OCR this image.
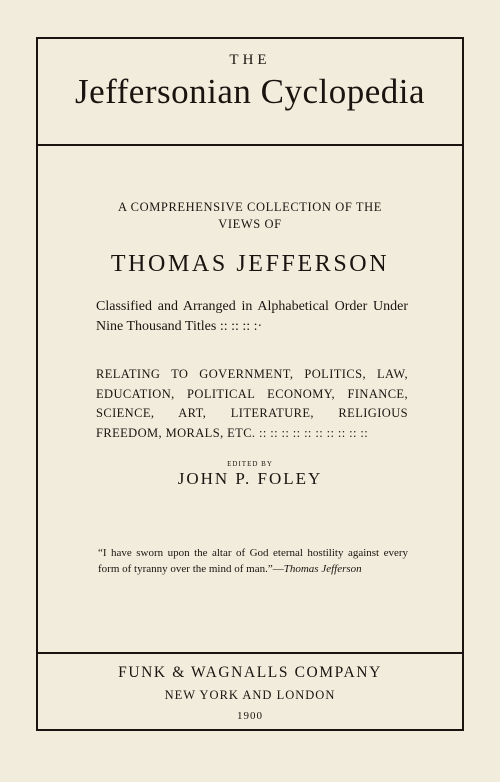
THE
Jeffersonian Cyclopedia
A COMPREHENSIVE COLLECTION OF THE VIEWS OF
THOMAS JEFFERSON
Classified and Arranged in Alphabetical Order Under Nine Thousand Titles :: :: :: :·
RELATING TO GOVERNMENT, POLITICS, LAW, EDUCATION, POLITICAL ECONOMY, FINANCE, SCIENCE, ART, LITERATURE, RELIGIOUS FREEDOM, MORALS, ETC. :: :: :: :: :: :: :: :: :: ::
EDITED BY
JOHN P. FOLEY
“I have sworn upon the altar of God eternal hostility against every form of tyranny over the mind of man.”—Thomas Jefferson
FUNK & WAGNALLS COMPANY
NEW YORK AND LONDON
1900
